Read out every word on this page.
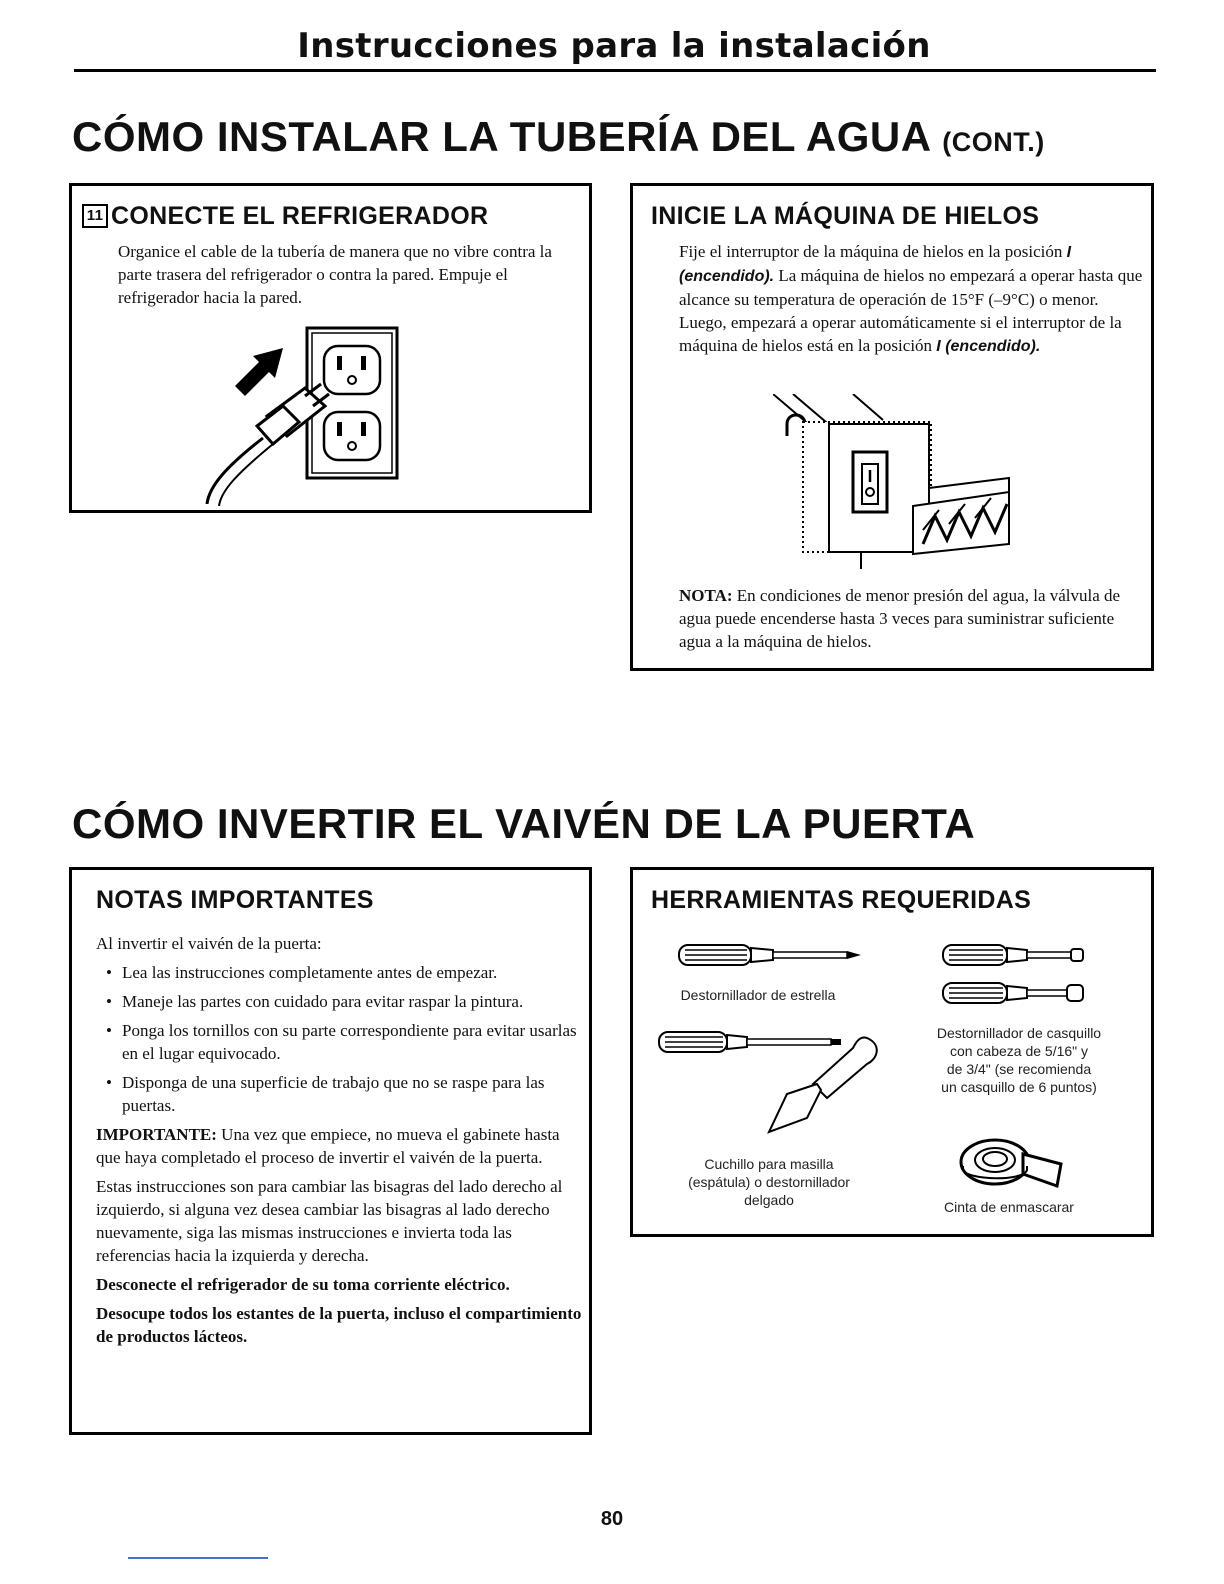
Instrucciones para la instalación
CÓMO INSTALAR LA TUBERÍA DEL AGUA (CONT.)
11 CONECTE EL REFRIGERADOR
Organice el cable de la tubería de manera que no vibre contra la parte trasera del refrigerador o contra la pared. Empuje el refrigerador hacia la pared.
INICIE LA MÁQUINA DE HIELOS
Fije el interruptor de la máquina de hielos en la posición I (encendido). La máquina de hielos no empezará a operar hasta que alcance su temperatura de operación de 15°F (–9°C) o menor. Luego, empezará a operar automáticamente si el interruptor de la máquina de hielos está en la posición I (encendido).
NOTA: En condiciones de menor presión del agua, la válvula de agua puede encenderse hasta 3 veces para suministrar suficiente agua a la máquina de hielos.
CÓMO INVERTIR EL VAIVÉN DE LA PUERTA
NOTAS IMPORTANTES

Al invertir el vaivén de la puerta:

• Lea las instrucciones completamente antes de empezar.
• Maneje las partes con cuidado para evitar raspar la pintura.
• Ponga los tornillos con su parte correspondiente para evitar usarlas en el lugar equivocado.
• Disponga de una superficie de trabajo que no se raspe para las puertas.

IMPORTANTE: Una vez que empiece, no mueva el gabinete hasta que haya completado el proceso de invertir el vaivén de la puerta.

Estas instrucciones son para cambiar las bisagras del lado derecho al izquierdo, si alguna vez desea cambiar las bisagras al lado derecho nuevamente, siga las mismas instrucciones e invierta toda las referencias hacia la izquierda y derecha.

Desconecte el refrigerador de su toma corriente eléctrico.

Desocupe todos los estantes de la puerta, incluso el compartimiento de productos lácteos.

HERRAMIENTAS REQUERIDAS
Destornillador de estrella
Destornillador de casquillo
con cabeza de 5/16" y
de 3/4" (se recomienda
un casquillo de 6 puntos)
Cuchillo para masilla
(espátula) o destornillador
delgado	Cinta de enmascarar
80
